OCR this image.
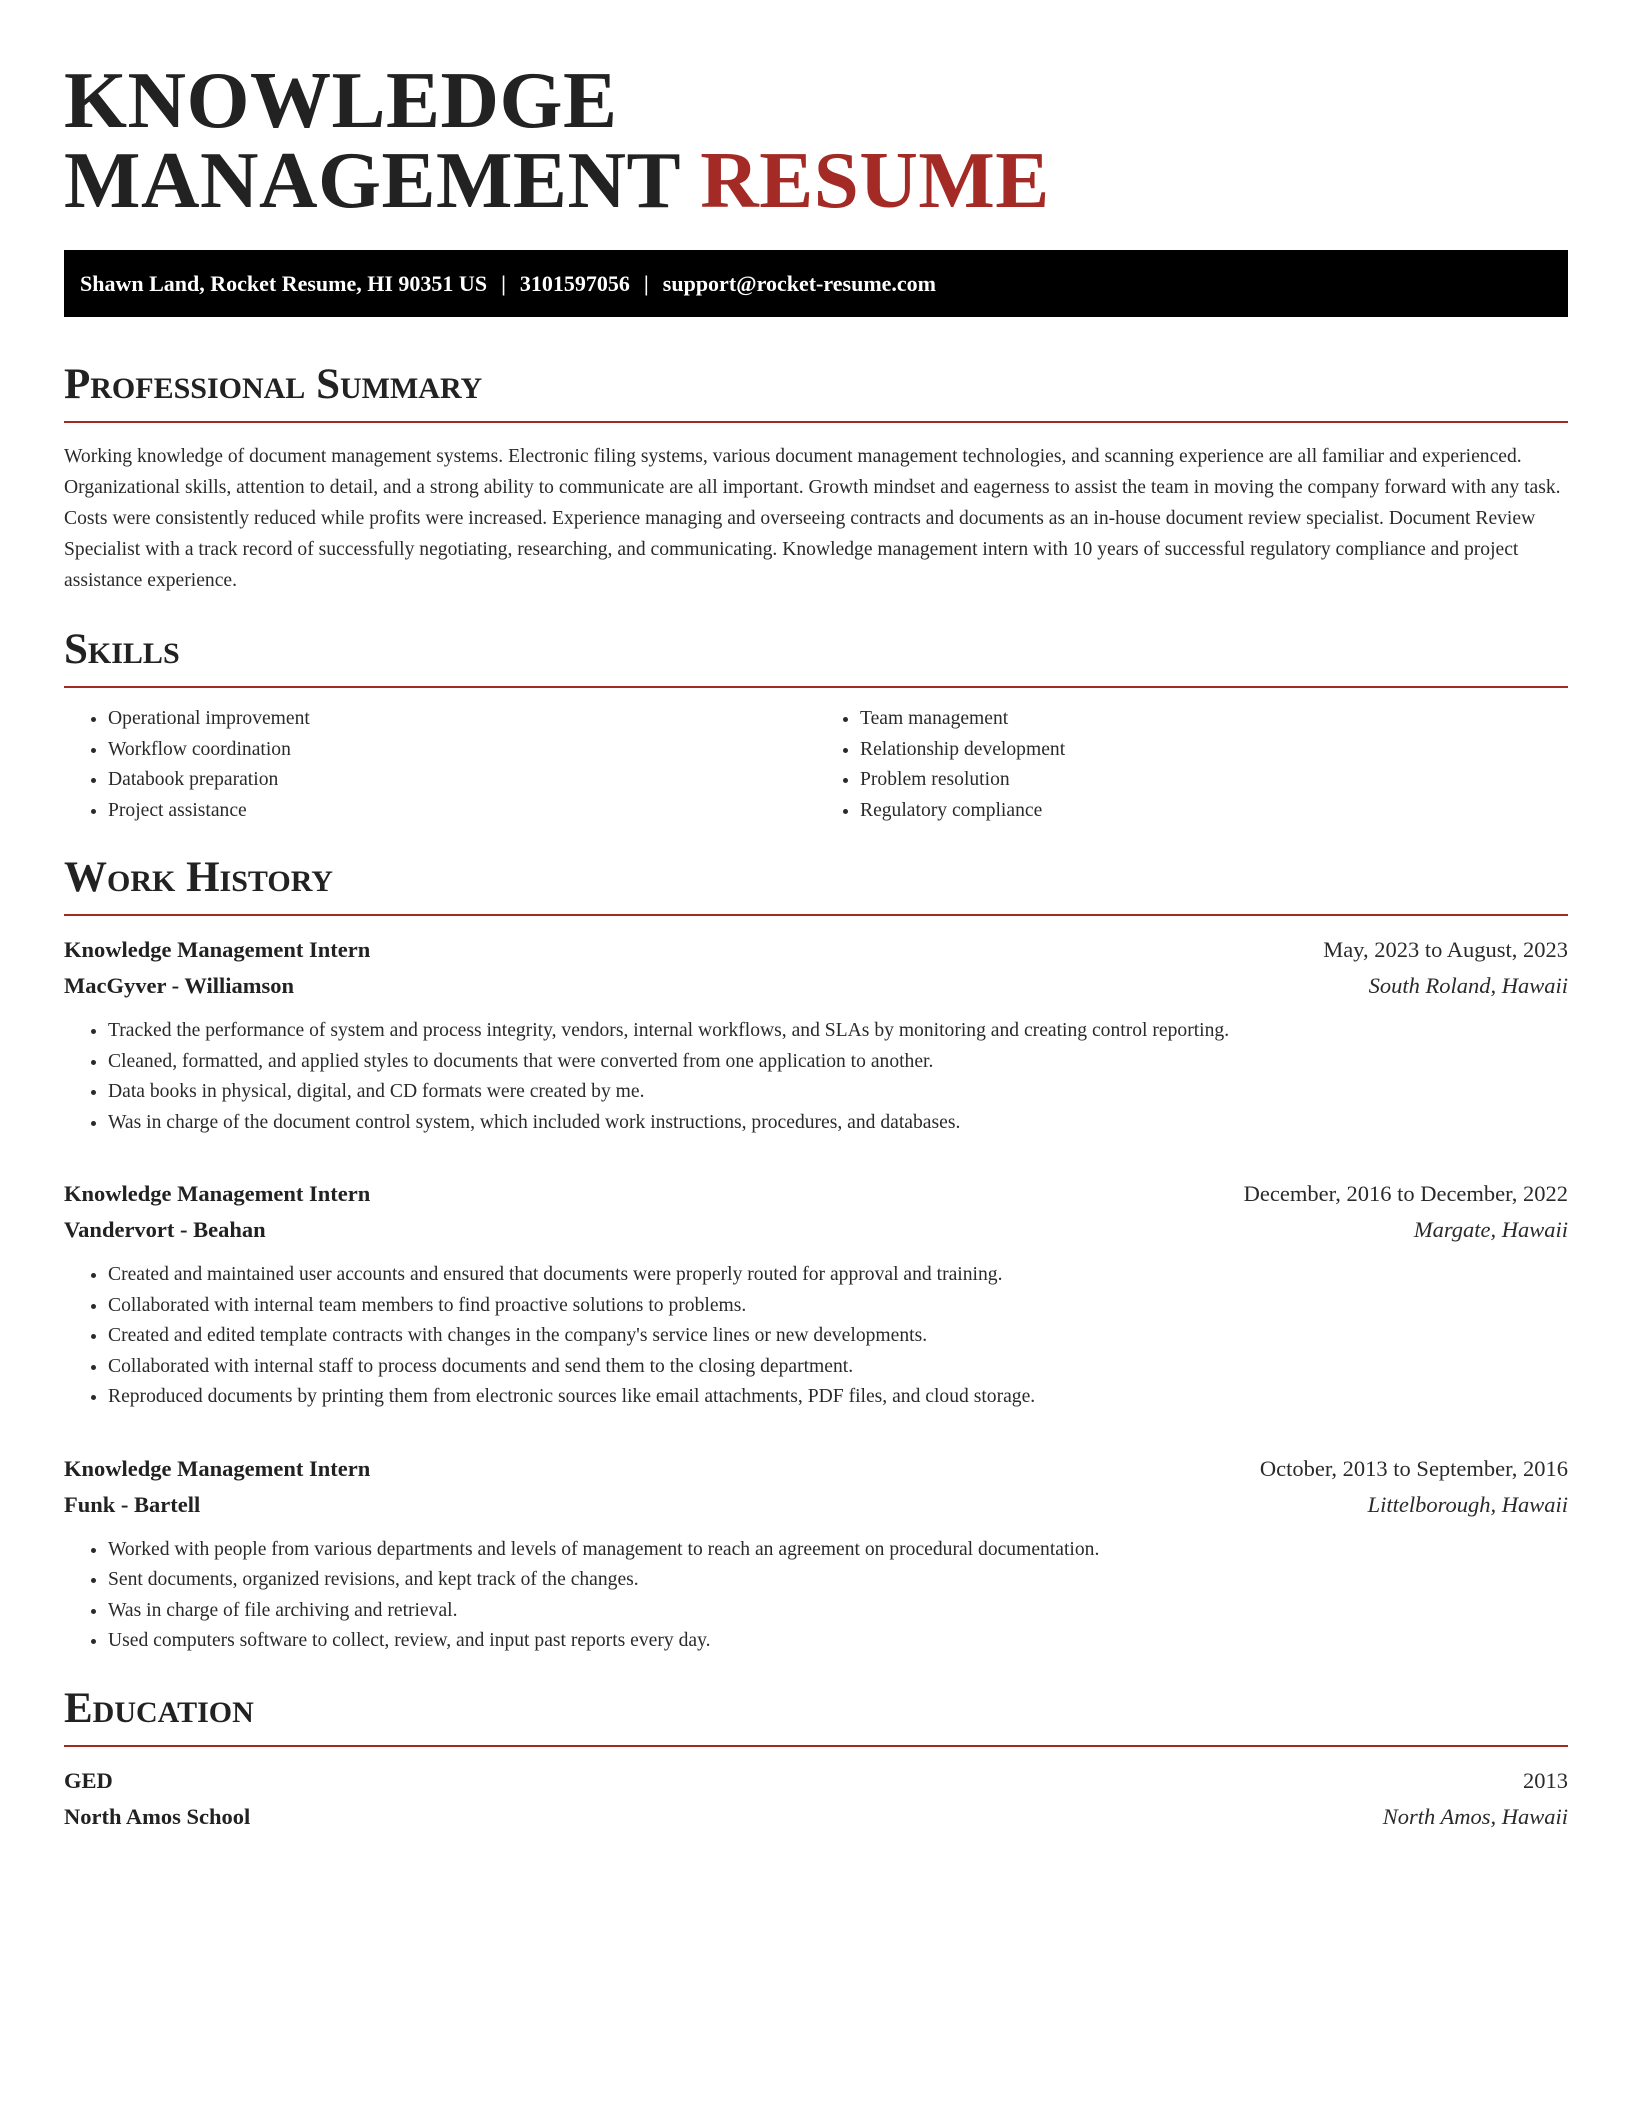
KNOWLEDGE
MANAGEMENT RESUME
Shawn Land, Rocket Resume, HI 90351 US | 3101597056 | support@rocket-resume.com
Professional Summary

Working knowledge of document management systems. Electronic filing systems, various document management technologies, and scanning experience are all familiar and experienced. Organizational skills, attention to detail, and a strong ability to communicate are all important. Growth mindset and eagerness to assist the team in moving the company forward with any task. Costs were consistently reduced while profits were increased. Experience managing and overseeing contracts and documents as an in-house document review specialist. Document Review Specialist with a track record of successfully negotiating, researching, and communicating. Knowledge management intern with 10 years of successful regulatory compliance and project assistance experience.

Skills
• Operational improvement
• Workflow coordination
• Databook preparation
• Project assistance
• Team management
• Relationship development
• Problem resolution
• Regulatory compliance
Work History
Knowledge Management Intern	May, 2023 to August, 2023
MacGyver - Williamson	South Roland, Hawaii
• Tracked the performance of system and process integrity, vendors, internal workflows, and SLAs by monitoring and creating control reporting.
• Cleaned, formatted, and applied styles to documents that were converted from one application to another.
• Data books in physical, digital, and CD formats were created by me.
• Was in charge of the document control system, which included work instructions, procedures, and databases.
Knowledge Management Intern	December, 2016 to December, 2022
Vandervort - Beahan	Margate, Hawaii
• Created and maintained user accounts and ensured that documents were properly routed for approval and training.
• Collaborated with internal team members to find proactive solutions to problems.
• Created and edited template contracts with changes in the company's service lines or new developments.
• Collaborated with internal staff to process documents and send them to the closing department.
• Reproduced documents by printing them from electronic sources like email attachments, PDF files, and cloud storage.
Knowledge Management Intern	October, 2013 to September, 2016
Funk - Bartell	Littelborough, Hawaii
• Worked with people from various departments and levels of management to reach an agreement on procedural documentation.
• Sent documents, organized revisions, and kept track of the changes.
• Was in charge of file archiving and retrieval.
• Used computers software to collect, review, and input past reports every day.
Education
GED	2013
North Amos School	North Amos, Hawaii
